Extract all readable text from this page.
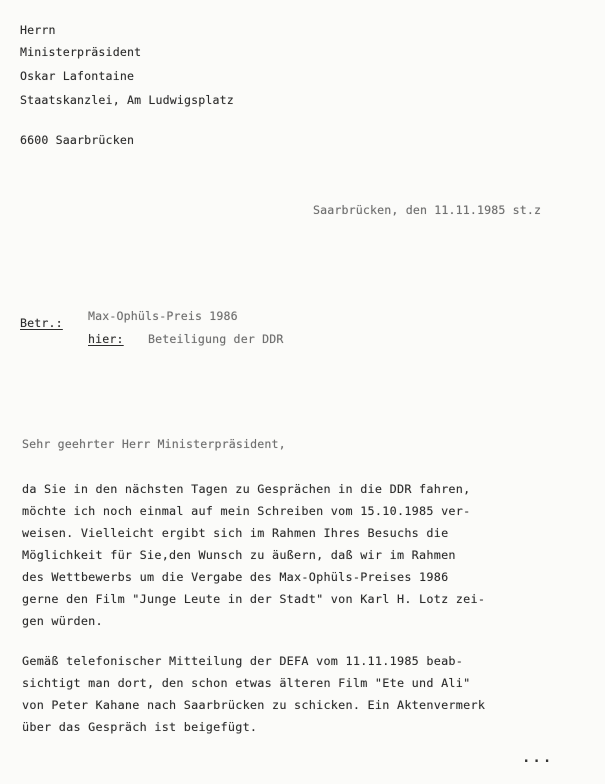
Herrn
Ministerpräsident
Oskar Lafontaine
Staatskanzlei, Am Ludwigsplatz
6600 Saarbrücken
Saarbrücken, den 11.11.1985 st.z
Betr.: Max-Ophüls-Preis 1986
hier: Beteiligung der DDR
Sehr geehrter Herr Ministerpräsident,
da Sie in den nächsten Tagen zu Gesprächen in die DDR fahren,
möchte ich noch einmal auf mein Schreiben vom 15.10.1985 ver-
weisen. Vielleicht ergibt sich im Rahmen Ihres Besuchs die
Möglichkeit für Sie,den Wunsch zu äußern, daß wir im Rahmen
des Wettbewerbs um die Vergabe des Max-Ophüls-Preises 1986
gerne den Film "Junge Leute in der Stadt" von Karl H. Lotz zei-
gen würden.
Gemäß telefonischer Mitteilung der DEFA vom 11.11.1985 beab-
sichtigt man dort, den schon etwas älteren Film "Ete und Ali"
von Peter Kahane nach Saarbrücken zu schicken. Ein Aktenvermerk
über das Gespräch ist beigefügt.
...
